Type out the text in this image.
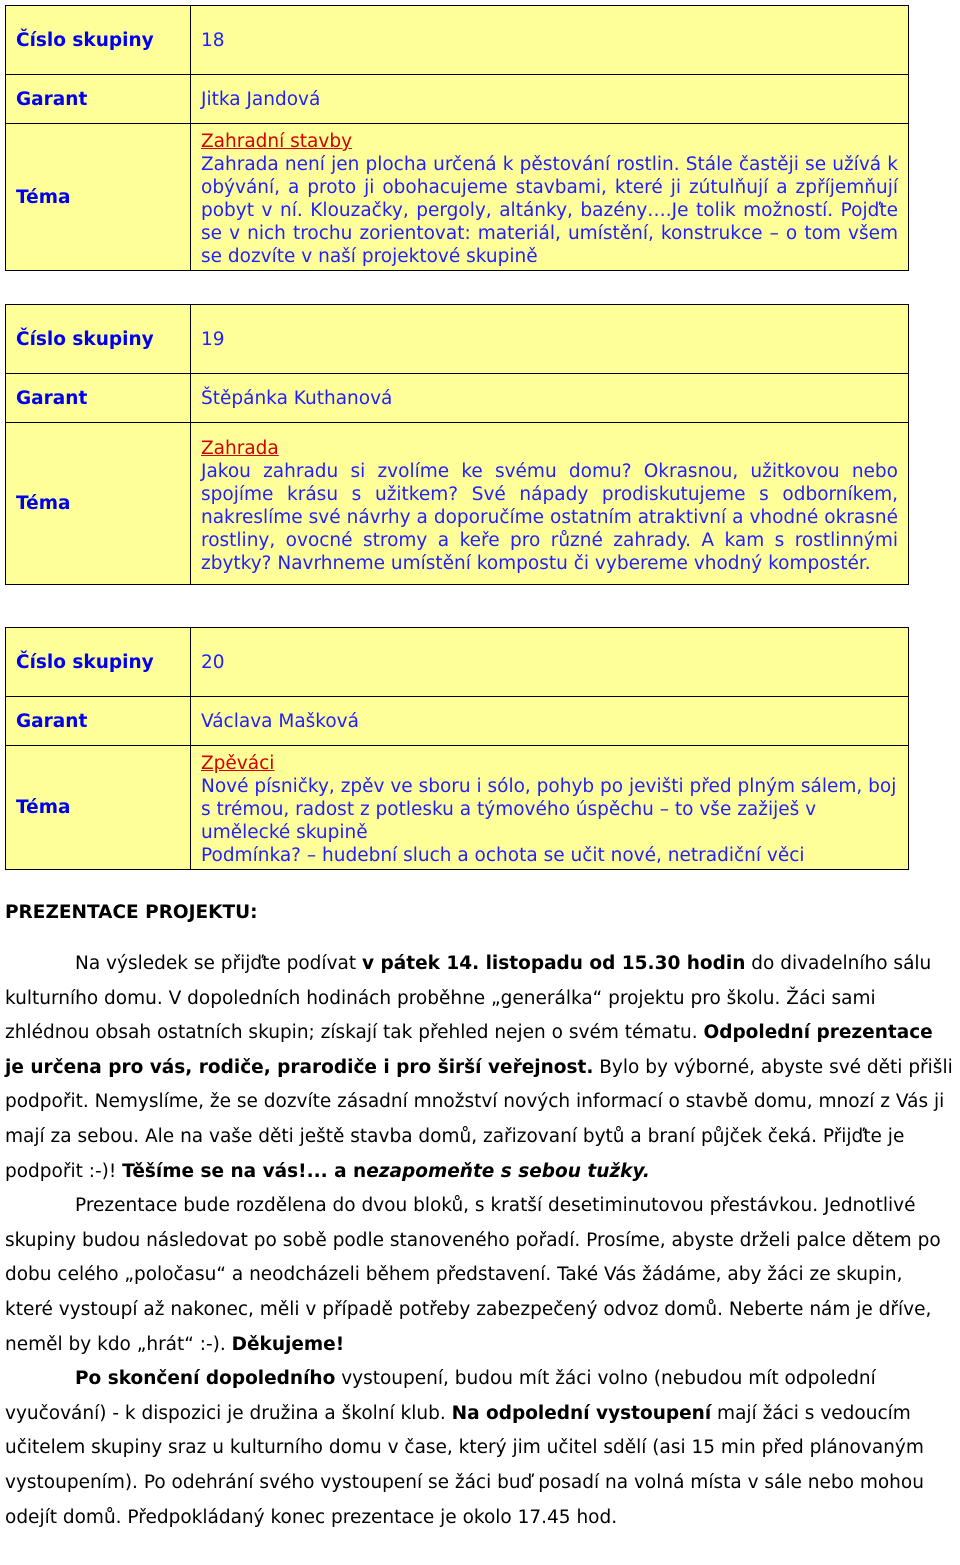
Číslo skupiny	18
Garant	Jitka Jandová
Téma	Zahradní stavby
Zahrada není jen plocha určená k pěstování rostlin. Stále častěji se užívá k obývání, a proto ji obohacujeme stavbami, které ji zútulňují a zpříjemňují pobyt v ní. Klouzačky, pergoly, altánky, bazény….Je tolik možností. Pojďte se v nich trochu zorientovat: materiál, umístění, konstrukce – o tom všem se dozvíte v naší projektové skupině
Číslo skupiny	19
Garant	Štěpánka Kuthanová
Téma	Zahrada
Jakou zahradu si zvolíme ke svému domu? Okrasnou, užitkovou nebo spojíme krásu s užitkem? Své nápady prodiskutujeme s odborníkem, nakreslíme své návrhy a doporučíme ostatním atraktivní a vhodné okrasné rostliny, ovocné stromy a keře pro různé zahrady. A kam s rostlinnými zbytky? Navrhneme umístění kompostu či vybereme vhodný kompostér.
Číslo skupiny	20
Garant	Václava Mašková
Téma	Zpěváci
Nové písničky, zpěv ve sboru i sólo, pohyb po jevišti před plným sálem, boj s trémou, radost z potlesku a týmového úspěchu – to vše zažiješ v umělecké skupině
Podmínka? – hudební sluch a ochota se učit nové, netradiční věci
PREZENTACE PROJEKTU:

Na výsledek se přijďte podívat v pátek 14. listopadu od 15.30 hodin do divadelního sálu kulturního domu. V dopoledních hodinách proběhne „generálka“ projektu pro školu. Žáci sami zhlédnou obsah ostatních skupin; získají tak přehled nejen o svém tématu. Odpolední prezentace je určena pro vás, rodiče, prarodiče i pro širší veřejnost. Bylo by výborné, abyste své děti přišli podpořit. Nemyslíme, že se dozvíte zásadní množství nových informací o stavbě domu, mnozí z Vás ji mají za sebou. Ale na vaše děti ještě stavba domů, zařizovaní bytů a braní půjček čeká. Přijďte je podpořit :-)! Těšíme se na vás!... a nezapomeňte s sebou tužky.

Prezentace bude rozdělena do dvou bloků, s kratší desetiminutovou přestávkou. Jednotlivé skupiny budou následovat po sobě podle stanoveného pořadí. Prosíme, abyste drželi palce dětem po dobu celého „poločasu“ a neodcházeli během představení. Také Vás žádáme, aby žáci ze skupin, které vystoupí až nakonec, měli v případě potřeby zabezpečený odvoz domů. Neberte nám je dříve, neměl by kdo „hrát“ :-). Děkujeme!

Po skončení dopoledního vystoupení, budou mít žáci volno (nebudou mít odpolední vyučování) - k dispozici je družina a školní klub. Na odpolední vystoupení mají žáci s vedoucím učitelem skupiny sraz u kulturního domu v čase, který jim učitel sdělí (asi 15 min před plánovaným vystoupením). Po odehrání svého vystoupení se žáci buď posadí na volná místa v sále nebo mohou odejít domů. Předpokládaný konec prezentace je okolo 17.45 hod.
